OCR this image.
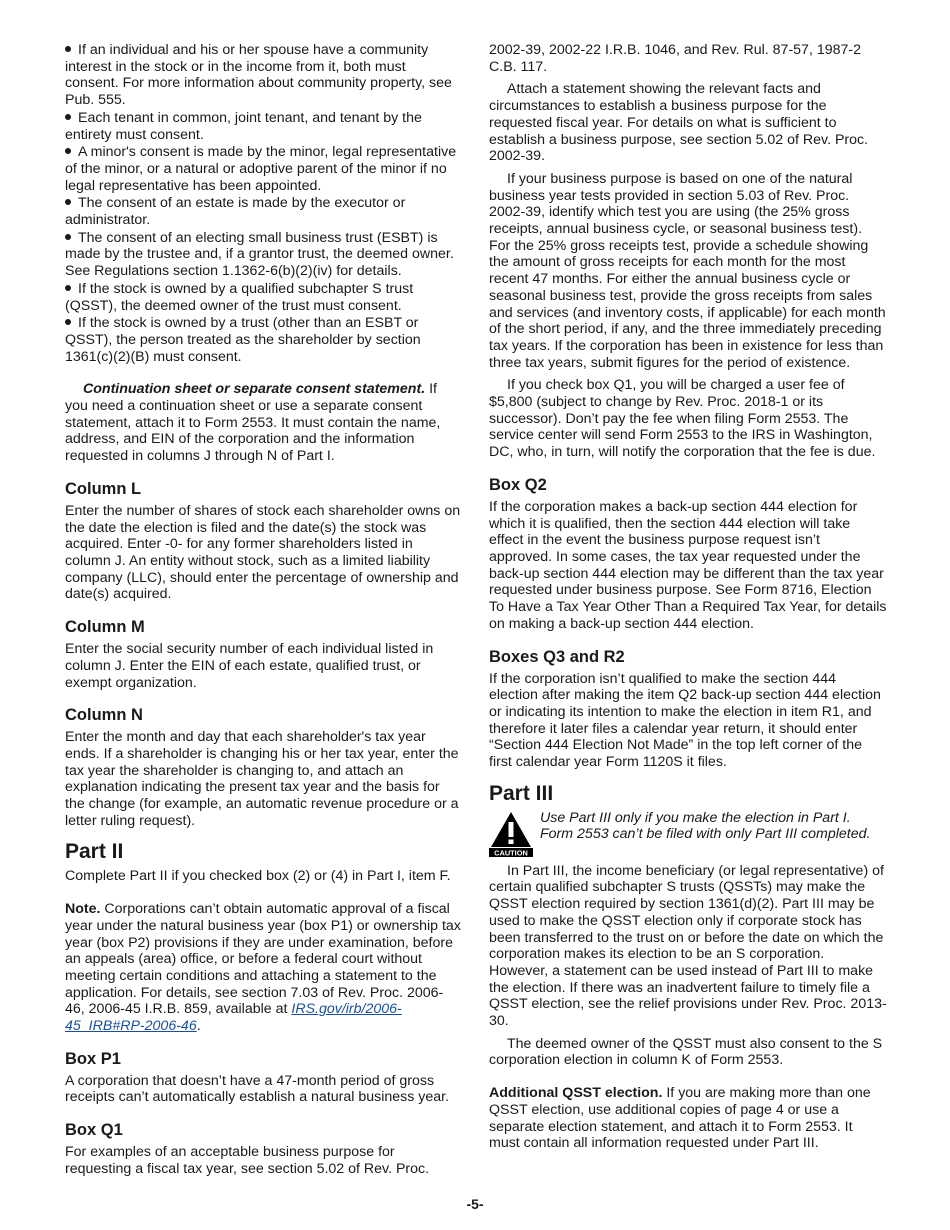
If an individual and his or her spouse have a community interest in the stock or in the income from it, both must consent. For more information about community property, see Pub. 555.

Each tenant in common, joint tenant, and tenant by the entirety must consent.

A minor's consent is made by the minor, legal representative of the minor, or a natural or adoptive parent of the minor if no legal representative has been appointed.

The consent of an estate is made by the executor or administrator.

The consent of an electing small business trust (ESBT) is made by the trustee and, if a grantor trust, the deemed owner. See Regulations section 1.1362-6(b)(2)(iv) for details.

If the stock is owned by a qualified subchapter S trust (QSST), the deemed owner of the trust must consent.

If the stock is owned by a trust (other than an ESBT or QSST), the person treated as the shareholder by section 1361(c)(2)(B) must consent.

Continuation sheet or separate consent statement. If you need a continuation sheet or use a separate consent statement, attach it to Form 2553. It must contain the name, address, and EIN of the corporation and the information requested in columns J through N of Part I.

Column L

Enter the number of shares of stock each shareholder owns on the date the election is filed and the date(s) the stock was acquired. Enter -0- for any former shareholders listed in column J. An entity without stock, such as a limited liability company (LLC), should enter the percentage of ownership and date(s) acquired.

Column M

Enter the social security number of each individual listed in column J. Enter the EIN of each estate, qualified trust, or exempt organization.

Column N

Enter the month and day that each shareholder's tax year ends. If a shareholder is changing his or her tax year, enter the tax year the shareholder is changing to, and attach an explanation indicating the present tax year and the basis for the change (for example, an automatic revenue procedure or a letter ruling request).

Part II

Complete Part II if you checked box (2) or (4) in Part I, item F.

Note. Corporations can’t obtain automatic approval of a fiscal year under the natural business year (box P1) or ownership tax year (box P2) provisions if they are under examination, before an appeals (area) office, or before a federal court without meeting certain conditions and attaching a statement to the application. For details, see section 7.03 of Rev. Proc. 2006-46, 2006-45 I.R.B. 859, available at IRS.gov/irb/2006-45_IRB#RP-2006-46.

Box P1

A corporation that doesn’t have a 47-month period of gross receipts can’t automatically establish a natural business year.

Box Q1

For examples of an acceptable business purpose for requesting a fiscal tax year, see section 5.02 of Rev. Proc.

2002-39, 2002-22 I.R.B. 1046, and Rev. Rul. 87-57, 1987-2 C.B. 117.

Attach a statement showing the relevant facts and circumstances to establish a business purpose for the requested fiscal year. For details on what is sufficient to establish a business purpose, see section 5.02 of Rev. Proc. 2002-39.

If your business purpose is based on one of the natural business year tests provided in section 5.03 of Rev. Proc. 2002-39, identify which test you are using (the 25% gross receipts, annual business cycle, or seasonal business test). For the 25% gross receipts test, provide a schedule showing the amount of gross receipts for each month for the most recent 47 months. For either the annual business cycle or seasonal business test, provide the gross receipts from sales and services (and inventory costs, if applicable) for each month of the short period, if any, and the three immediately preceding tax years. If the corporation has been in existence for less than three tax years, submit figures for the period of existence.

If you check box Q1, you will be charged a user fee of $5,800 (subject to change by Rev. Proc. 2018-1 or its successor). Don’t pay the fee when filing Form 2553. The service center will send Form 2553 to the IRS in Washington, DC, who, in turn, will notify the corporation that the fee is due.

Box Q2

If the corporation makes a back-up section 444 election for which it is qualified, then the section 444 election will take effect in the event the business purpose request isn’t approved. In some cases, the tax year requested under the back-up section 444 election may be different than the tax year requested under business purpose. See Form 8716, Election To Have a Tax Year Other Than a Required Tax Year, for details on making a back-up section 444 election.

Boxes Q3 and R2

If the corporation isn’t qualified to make the section 444 election after making the item Q2 back-up section 444 election or indicating its intention to make the election in item R1, and therefore it later files a calendar year return, it should enter “Section 444 Election Not Made” in the top left corner of the first calendar year Form 1120S it files.

Part III
CAUTION

Use Part III only if you make the election in Part I. Form 2553 can’t be filed with only Part III completed.

In Part III, the income beneficiary (or legal representative) of certain qualified subchapter S trusts (QSSTs) may make the QSST election required by section 1361(d)(2). Part III may be used to make the QSST election only if corporate stock has been transferred to the trust on or before the date on which the corporation makes its election to be an S corporation. However, a statement can be used instead of Part III to make the election. If there was an inadvertent failure to timely file a QSST election, see the relief provisions under Rev. Proc. 2013-30.

The deemed owner of the QSST must also consent to the S corporation election in column K of Form 2553.

Additional QSST election. If you are making more than one QSST election, use additional copies of page 4 or use a separate election statement, and attach it to Form 2553. It must contain all information requested under Part III.

-5-
